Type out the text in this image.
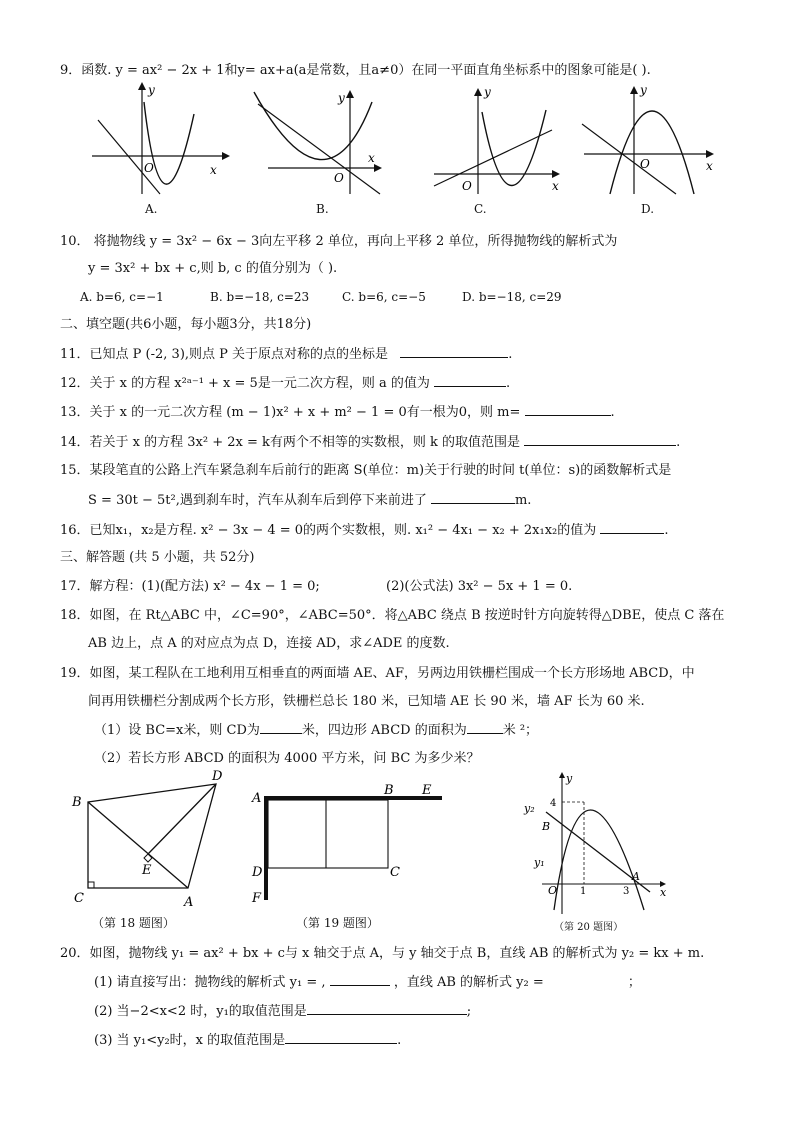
9．函数. y = ax² − 2x + 1和y= ax+a(a是常数，且a≠0）在同一平面直角坐标系中的图象可能是( ).
y
x
O
A.
y
x
O
B.
y
x
O
C.
y
x
O
D.
10． 将抛物线 y = 3x² − 6x − 3向左平移 2 单位，再向上平移 2 单位，所得抛物线的解析式为
y = 3x² + bx + c,则 b, c 的值分别为（ ).
A. b=6, c=−1	B. b=−18, c=23	C. b=6, c=−5	D. b=−18, c=29
二、填空题(共6小题，每小题3分，共18分)
11．已知点 P (-2, 3),则点 P 关于原点对称的点的坐标是	.
12．关于 x 的方程 x²ᵃ⁻¹ + x = 5是一元二次方程，则 a 的值为	.
13．关于 x 的一元二次方程 (m − 1)x² + x + m² − 1 = 0有一根为0，则 m=	.
14．若关于 x 的方程 3x² + 2x = k有两个不相等的实数根，则 k 的取值范围是	.
15．某段笔直的公路上汽车紧急刹车后前行的距离 S(单位：m)关于行驶的时间 t(单位：s)的函数解析式是
S = 30t − 5t²,遇到刹车时，汽车从刹车后到停下来前进了	m.
16．已知x₁，x₂是方程. x² − 3x − 4 = 0的两个实数根，则. x₁² − 4x₁ − x₂ + 2x₁x₂的值为	.
三、解答题 (共 5 小题，共 52分)
17．解方程：(1)(配方法) x² − 4x − 1 = 0;	(2)(公式法) 3x² − 5x + 1 = 0.
18．如图，在 Rt△ABC 中，∠C=90°，∠ABC=50°．将△ABC 绕点 B 按逆时针方向旋转得△DBE，使点 C 落在
AB 边上，点 A 的对应点为点 D，连接 AD，求∠ADE 的度数.
19．如图，某工程队在工地利用互相垂直的两面墙 AE、AF，另两边用铁栅栏围成一个长方形场地 ABCD，中
间再用铁栅栏分割成两个长方形，铁栅栏总长 180 米，已知墙 AE 长 90 米，墙 AF 长为 60 米.
（1）设 BC=x米，则 CD为	米，四边形 ABCD 的面积为	米 ²；
（2）若长方形 ABCD 的面积为 4000 平方米，问 BC 为多少米？
B
D
C	A
E
（第 18 题图）
A
B E
D	C
F
（第 19 题图）
y
x
y₂
y₁
B
A
O 1	3
4
（第 20 题图）
20．如图，抛物线 y₁ = ax² + bx + c与 x 轴交于点 A，与 y 轴交于点 B，直线 AB 的解析式为 y₂ = kx + m.
(1) 请直接写出：抛物线的解析式 y₁ = ,	，直线 AB 的解析式 y₂ =	；
(2) 当−2<x<2 时，y₁的取值范围是	;
(3) 当 y₁<y₂时，x 的取值范围是	.
